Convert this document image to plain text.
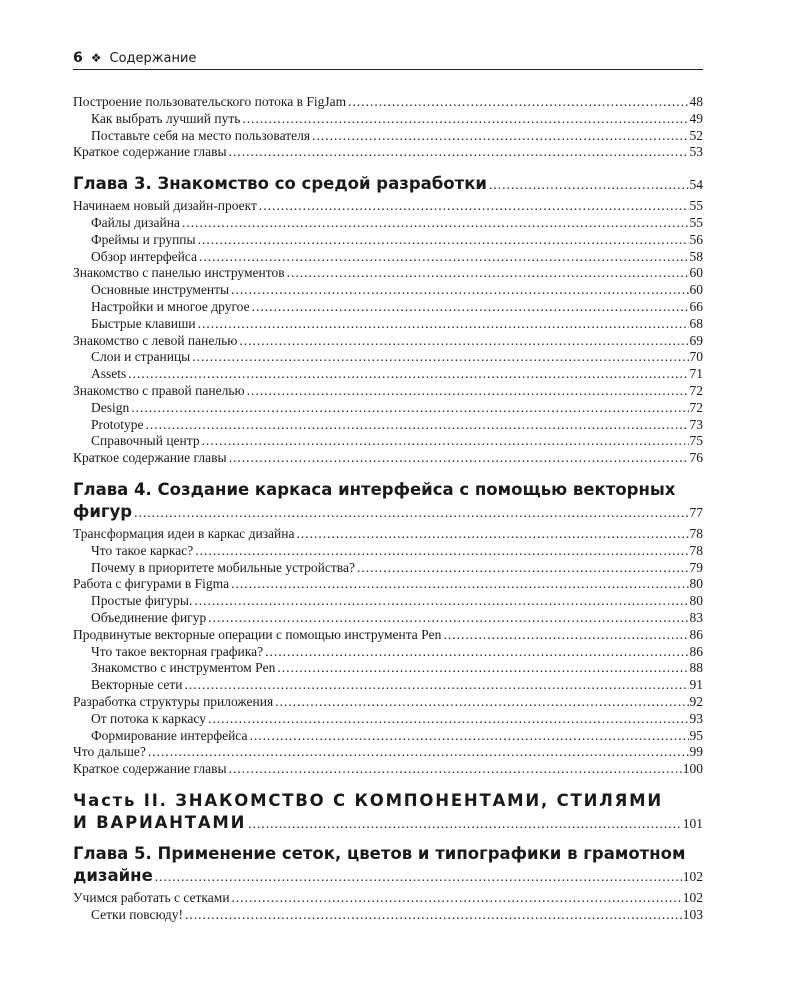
6 ❖ Содержание
Построение пользовательского потока в FigJam .....	48
Как выбрать лучший путь .....	49
Поставьте себя на место пользователя .....	52
Краткое содержание главы .....	53
Глава 3. Знакомство со средой разработки .....	54
Начинаем новый дизайн-проект .....	55
Файлы дизайна .....	55
Фреймы и группы .....	56
Обзор интерфейса .....	58
Знакомство с панелью инструментов .....	60
Основные инструменты .....	60
Настройки и многое другое .....	66
Быстрые клавиши .....	68
Знакомство с левой панелью .....	69
Слои и страницы .....	70
Assets .....	71
Знакомство с правой панелью .....	72
Design .....	72
Prototype .....	73
Справочный центр .....	75
Краткое содержание главы .....	76
Глава 4. Создание каркаса интерфейса с помощью векторных
фигур .....	77
Трансформация идеи в каркас дизайна .....	78
Что такое каркас? .....	78
Почему в приоритете мобильные устройства? .....	79
Работа с фигурами в Figma .....	80
Простые фигуры. .....	80
Объединение фигур .....	83
Продвинутые векторные операции с помощью инструмента Pen .....	86
Что такое векторная графика? .....	86
Знакомство с инструментом Pen .....	88
Векторные сети .....	91
Разработка структуры приложения .....	92
От потока к каркасу .....	93
Формирование интерфейса .....	95
Что дальше? .....	99
Краткое содержание главы .....	100
Часть II. ЗНАКОМСТВО С КОМПОНЕНТАМИ, СТИЛЯМИ
И ВАРИАНТАМИ .....	101
Глава 5. Применение сеток, цветов и типографики в грамотном
дизайне .....	102
Учимся работать с сетками .....	102
Сетки повсюду! .....	103
